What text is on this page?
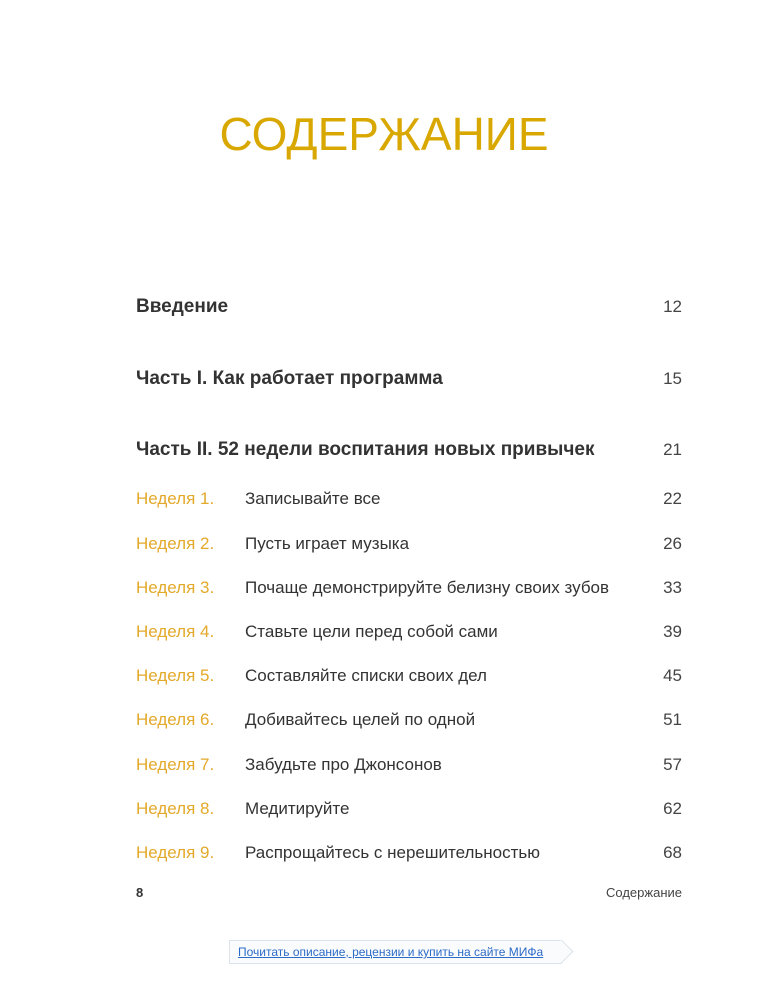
СОДЕРЖАНИЕ
Введение	12
Часть I. Как работает программа	15
Часть II. 52 недели воспитания новых привычек	21
Неделя 1. Записывайте все	22
Неделя 2. Пусть играет музыка	26
Неделя 3. Почаще демонстрируйте белизну своих зубов	33
Неделя 4. Ставьте цели перед собой сами	39
Неделя 5. Составляйте списки своих дел	45
Неделя 6. Добивайтесь целей по одной	51
Неделя 7. Забудьте про Джонсонов	57
Неделя 8. Медитируйте	62
Неделя 9. Распрощайтесь с нерешительностью	68
8	Содержание
Почитать описание, рецензии и купить на сайте МИФа
